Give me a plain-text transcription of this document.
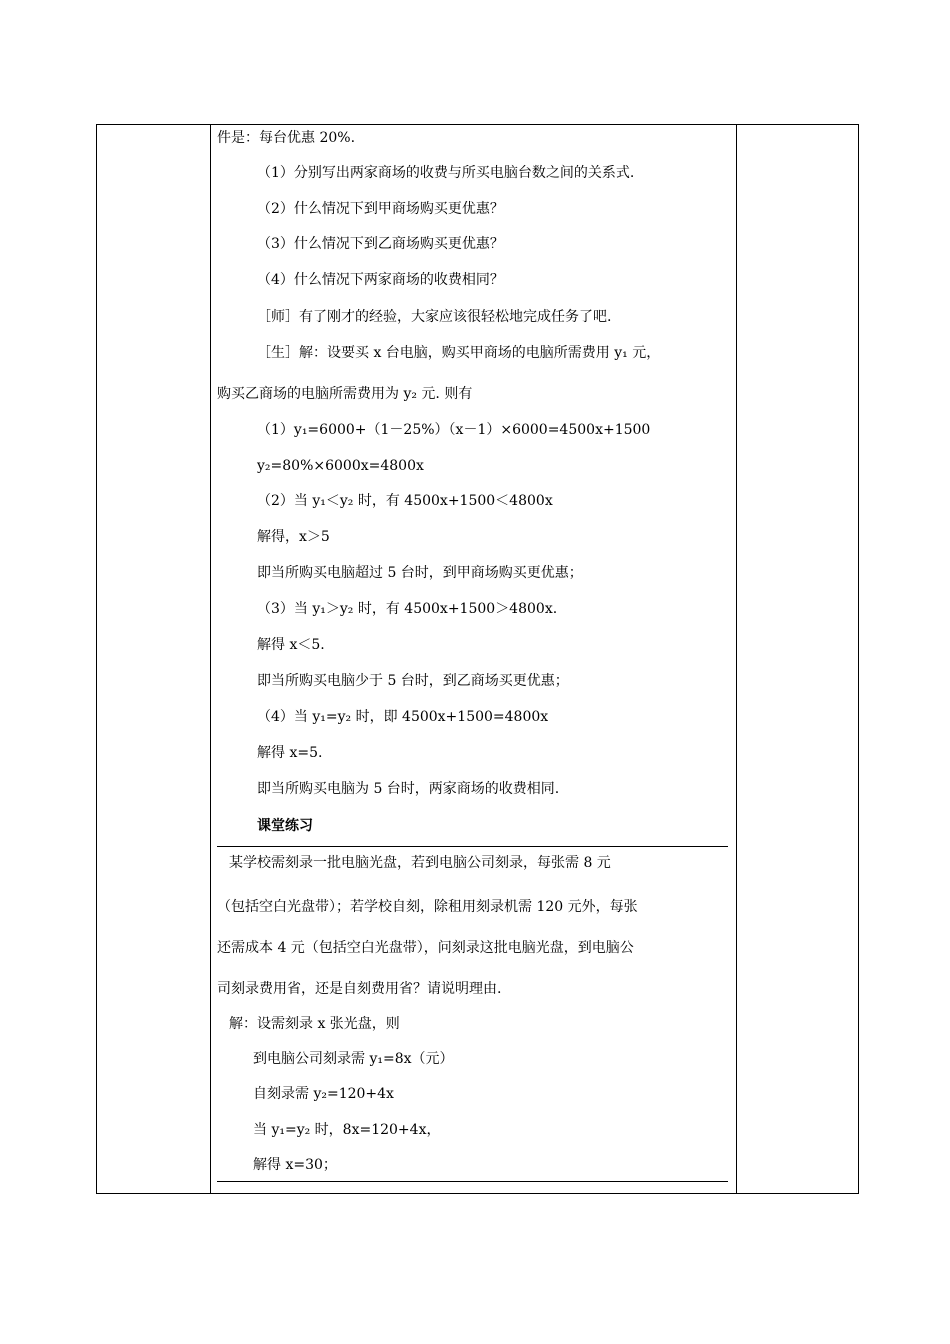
件是：每台优惠 20%.
（1）分别写出两家商场的收费与所买电脑台数之间的关系式.
（2）什么情况下到甲商场购买更优惠？
（3）什么情况下到乙商场购买更优惠？
（4）什么情况下两家商场的收费相同？
［师］有了刚才的经验，大家应该很轻松地完成任务了吧.
［生］解：设要买 x 台电脑，购买甲商场的电脑所需费用 y₁ 元，
购买乙商场的电脑所需费用为 y₂ 元. 则有
（1）y₁=6000+（1－25%）（x－1）×6000=4500x+1500
y₂=80%×6000x=4800x
（2）当 y₁＜y₂ 时，有 4500x+1500＜4800x
解得，x＞5
即当所购买电脑超过 5 台时，到甲商场购买更优惠；
（3）当 y₁＞y₂ 时，有 4500x+1500＞4800x.
解得 x＜5.
即当所购买电脑少于 5 台时，到乙商场买更优惠；
（4）当 y₁=y₂ 时，即 4500x+1500=4800x
解得 x=5.
即当所购买电脑为 5 台时，两家商场的收费相同.
课堂练习
某学校需刻录一批电脑光盘，若到电脑公司刻录，每张需 8 元
（包括空白光盘带）；若学校自刻，除租用刻录机需 120 元外，每张
还需成本 4 元（包括空白光盘带），问刻录这批电脑光盘，到电脑公
司刻录费用省，还是自刻费用省？请说明理由.
解：设需刻录 x 张光盘，则
到电脑公司刻录需 y₁=8x（元）
自刻录需 y₂=120+4x
当 y₁=y₂ 时，8x=120+4x，
解得 x=30；
